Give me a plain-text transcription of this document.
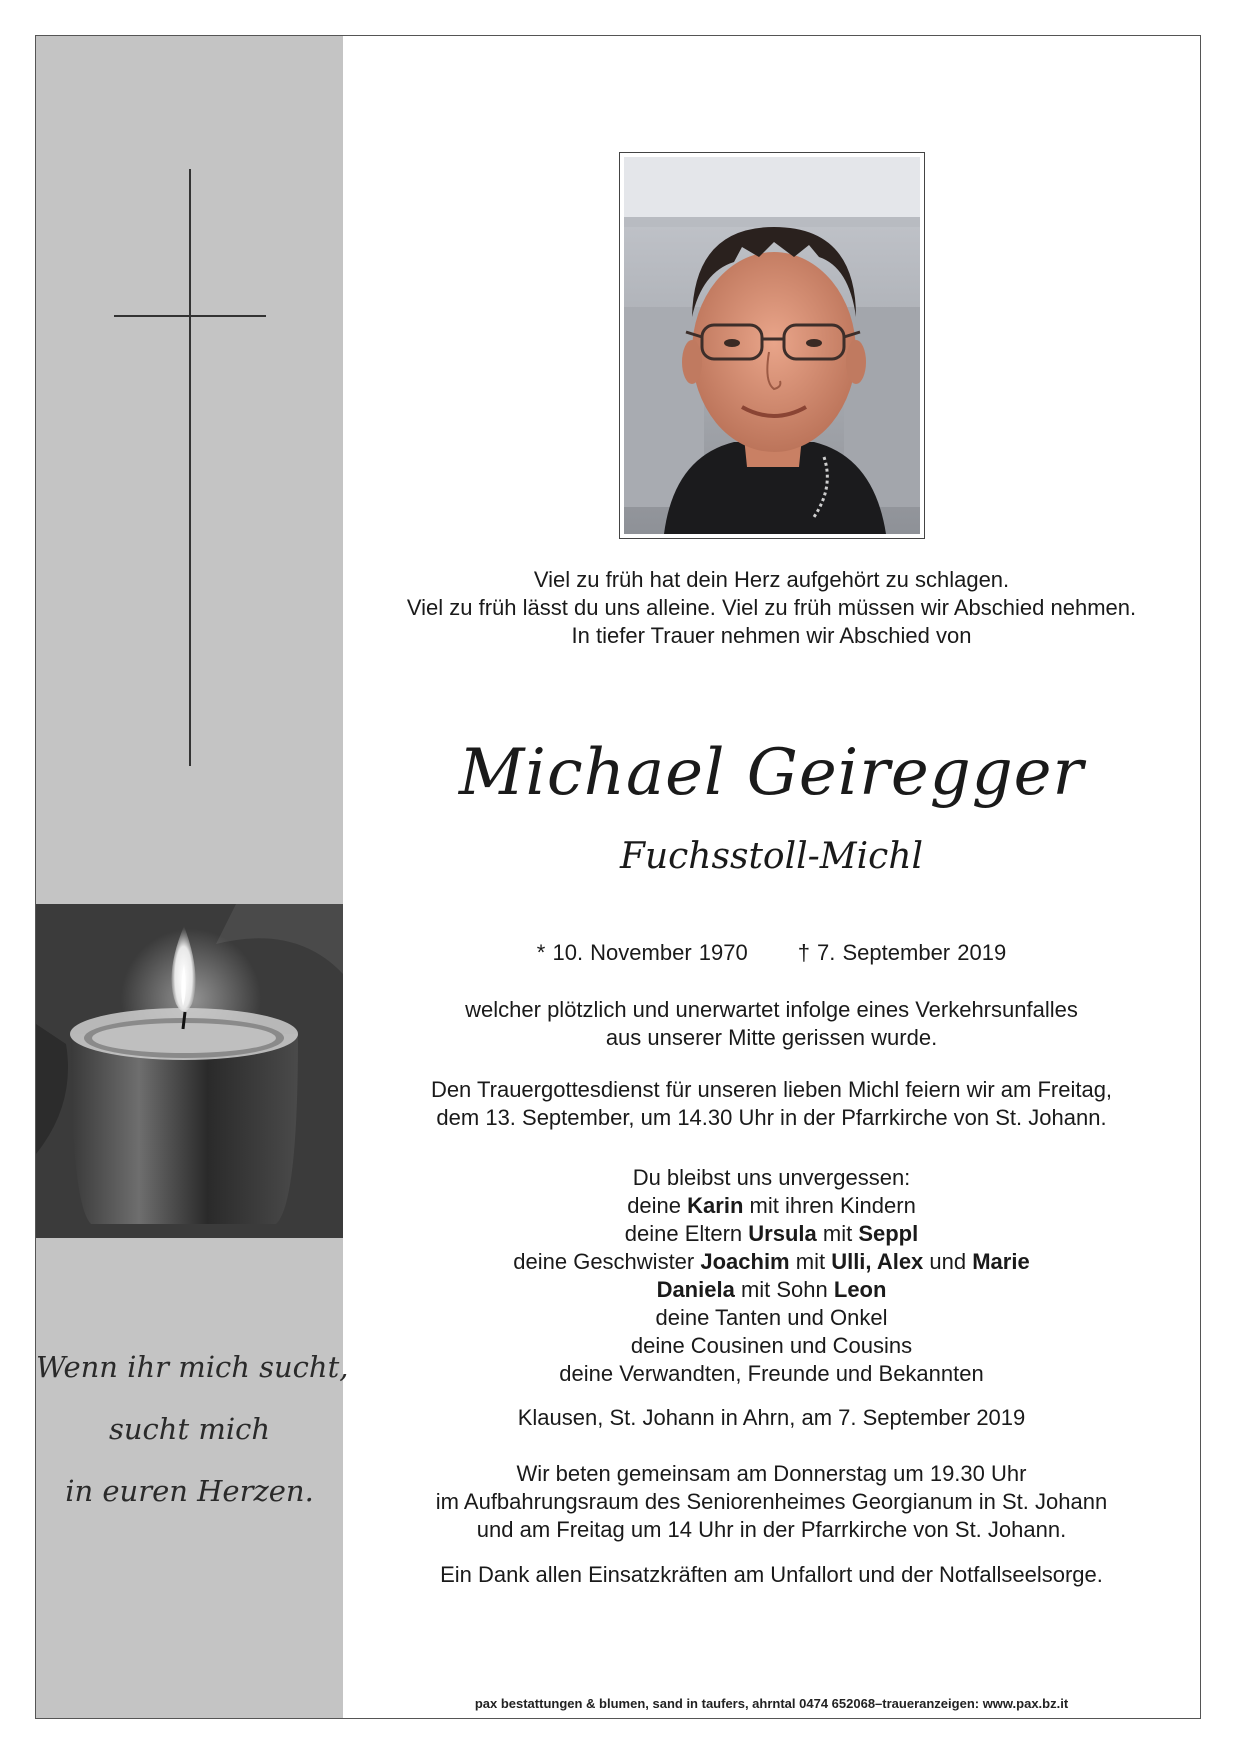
Wenn ihr mich sucht,
sucht mich
in euren Herzen.

Viel zu früh hat dein Herz aufgehört zu schlagen.

Viel zu früh lässt du uns alleine. Viel zu früh müssen wir Abschied nehmen.

In tiefer Trauer nehmen wir Abschied von

Michael Geiregger
Fuchsstoll-Michl
* 10. November 1970 † 7. September 2019

welcher plötzlich und unerwartet infolge eines Verkehrsunfalles

aus unserer Mitte gerissen wurde.

Den Trauergottesdienst für unseren lieben Michl feiern wir am Freitag,

dem 13. September, um 14.30 Uhr in der Pfarrkirche von St. Johann.

Du bleibst uns unvergessen:

deine Karin mit ihren Kindern

deine Eltern Ursula mit Seppl

deine Geschwister Joachim mit Ulli, Alex und Marie

Daniela mit Sohn Leon

deine Tanten und Onkel

deine Cousinen und Cousins

deine Verwandten, Freunde und Bekannten

Klausen, St. Johann in Ahrn, am 7. September 2019

Wir beten gemeinsam am Donnerstag um 19.30 Uhr

im Aufbahrungsraum des Seniorenheimes Georgianum in St. Johann

und am Freitag um 14 Uhr in der Pfarrkirche von St. Johann.

Ein Dank allen Einsatzkräften am Unfallort und der Notfallseelsorge.
pax bestattungen & blumen, sand in taufers, ahrntal 0474 652068–traueranzeigen: www.pax.bz.it
